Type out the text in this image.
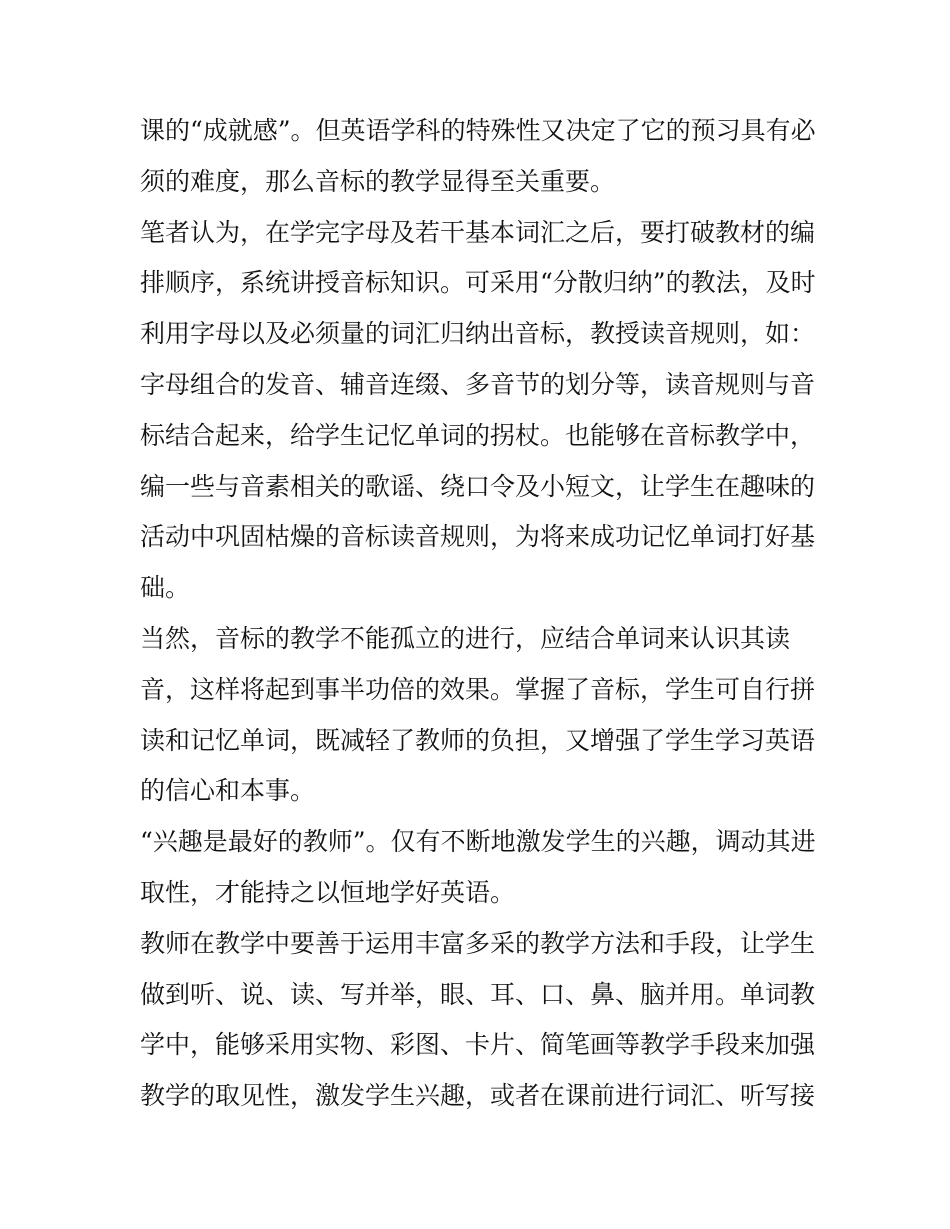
课的“成就感”。但英语学科的特殊性又决定了它的预习具有必
须的难度，那么音标的教学显得至关重要。

笔者认为，在学完字母及若干基本词汇之后，要打破教材的编
排顺序，系统讲授音标知识。可采用“分散归纳”的教法，及时
利用字母以及必须量的词汇归纳出音标，教授读音规则，如：
字母组合的发音、辅音连缀、多音节的划分等，读音规则与音
标结合起来，给学生记忆单词的拐杖。也能够在音标教学中，
编一些与音素相关的歌谣、绕口令及小短文，让学生在趣味的
活动中巩固枯燥的音标读音规则，为将来成功记忆单词打好基
础。

当然，音标的教学不能孤立的进行，应结合单词来认识其读
音，这样将起到事半功倍的效果。掌握了音标，学生可自行拼
读和记忆单词，既减轻了教师的负担，又增强了学生学习英语
的信心和本事。

“兴趣是最好的教师”。仅有不断地激发学生的兴趣，调动其进
取性，才能持之以恒地学好英语。

教师在教学中要善于运用丰富多采的教学方法和手段，让学生
做到听、说、读、写并举，眼、耳、口、鼻、脑并用。单词教
学中，能够采用实物、彩图、卡片、简笔画等教学手段来加强
教学的取见性，激发学生兴趣，或者在课前进行词汇、听写接
